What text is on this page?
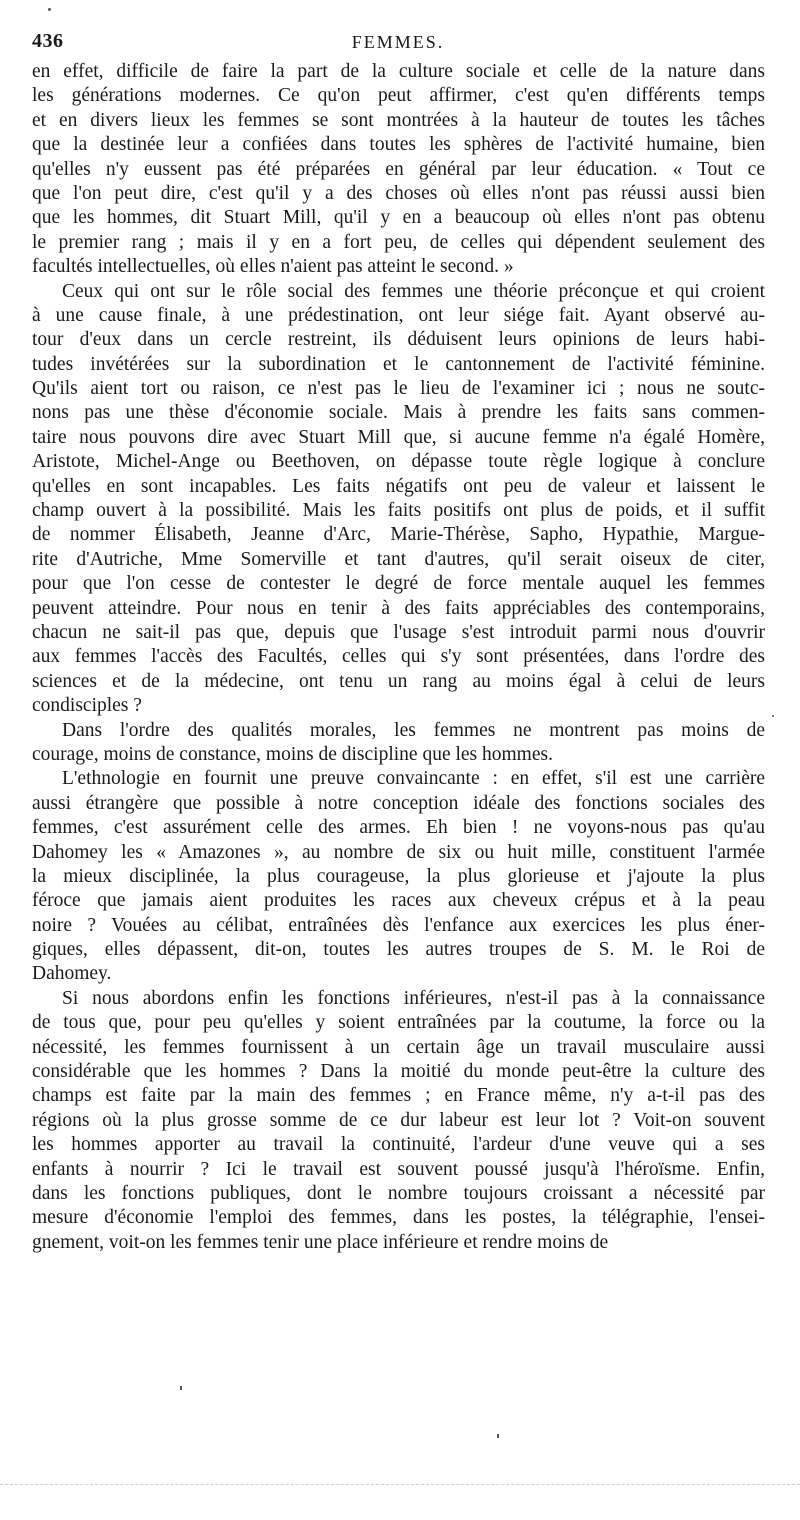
436	FEMMES.
en effet, difficile de faire la part de la culture sociale et celle de la nature dans
les générations modernes. Ce qu'on peut affirmer, c'est qu'en différents temps
et en divers lieux les femmes se sont montrées à la hauteur de toutes les tâches
que la destinée leur a confiées dans toutes les sphères de l'activité humaine, bien
qu'elles n'y eussent pas été préparées en général par leur éducation. « Tout ce
que l'on peut dire, c'est qu'il y a des choses où elles n'ont pas réussi aussi bien
que les hommes, dit Stuart Mill, qu'il y en a beaucoup où elles n'ont pas obtenu
le premier rang ; mais il y en a fort peu, de celles qui dépendent seulement des
facultés intellectuelles, où elles n'aient pas atteint le second. »
Ceux qui ont sur le rôle social des femmes une théorie préconçue et qui croient
à une cause finale, à une prédestination, ont leur siége fait. Ayant observé au-
tour d'eux dans un cercle restreint, ils déduisent leurs opinions de leurs habi-
tudes invétérées sur la subordination et le cantonnement de l'activité féminine.
Qu'ils aient tort ou raison, ce n'est pas le lieu de l'examiner ici ; nous ne soutc-
nons pas une thèse d'économie sociale. Mais à prendre les faits sans commen-
taire nous pouvons dire avec Stuart Mill que, si aucune femme n'a égalé Homère,
Aristote, Michel-Ange ou Beethoven, on dépasse toute règle logique à conclure
qu'elles en sont incapables. Les faits négatifs ont peu de valeur et laissent le
champ ouvert à la possibilité. Mais les faits positifs ont plus de poids, et il suffit
de nommer Élisabeth, Jeanne d'Arc, Marie-Thérèse, Sapho, Hypathie, Margue-
rite d'Autriche, Mme Somerville et tant d'autres, qu'il serait oiseux de citer,
pour que l'on cesse de contester le degré de force mentale auquel les femmes
peuvent atteindre. Pour nous en tenir à des faits appréciables des contemporains,
chacun ne sait-il pas que, depuis que l'usage s'est introduit parmi nous d'ouvrir
aux femmes l'accès des Facultés, celles qui s'y sont présentées, dans l'ordre des
sciences et de la médecine, ont tenu un rang au moins égal à celui de leurs
condisciples ?
Dans l'ordre des qualités morales, les femmes ne montrent pas moins de
courage, moins de constance, moins de discipline que les hommes.
L'ethnologie en fournit une preuve convaincante : en effet, s'il est une carrière
aussi étrangère que possible à notre conception idéale des fonctions sociales des
femmes, c'est assurément celle des armes. Eh bien ! ne voyons-nous pas qu'au
Dahomey les « Amazones », au nombre de six ou huit mille, constituent l'armée
la mieux disciplinée, la plus courageuse, la plus glorieuse et j'ajoute la plus
féroce que jamais aient produites les races aux cheveux crépus et à la peau
noire ? Vouées au célibat, entraînées dès l'enfance aux exercices les plus éner-
giques, elles dépassent, dit-on, toutes les autres troupes de S. M. le Roi de
Dahomey.
Si nous abordons enfin les fonctions inférieures, n'est-il pas à la connaissance
de tous que, pour peu qu'elles y soient entraînées par la coutume, la force ou la
nécessité, les femmes fournissent à un certain âge un travail musculaire aussi
considérable que les hommes ? Dans la moitié du monde peut-être la culture des
champs est faite par la main des femmes ; en France même, n'y a-t-il pas des
régions où la plus grosse somme de ce dur labeur est leur lot ? Voit-on souvent
les hommes apporter au travail la continuité, l'ardeur d'une veuve qui a ses
enfants à nourrir ? Ici le travail est souvent poussé jusqu'à l'héroïsme. Enfin,
dans les fonctions publiques, dont le nombre toujours croissant a nécessité par
mesure d'économie l'emploi des femmes, dans les postes, la télégraphie, l'ensei-
gnement, voit-on les femmes tenir une place inférieure et rendre moins de
